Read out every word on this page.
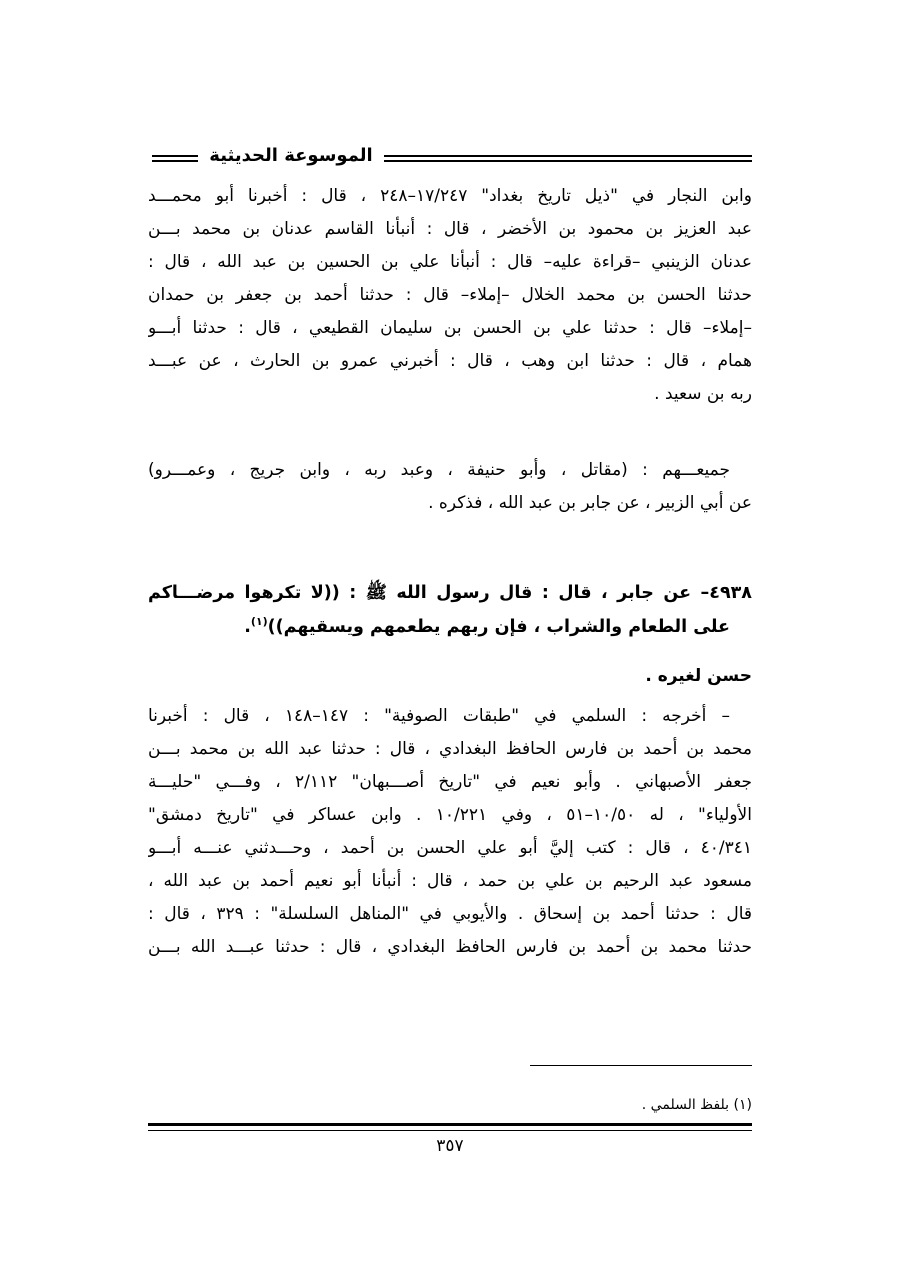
الموسوعة الحديثية
وابن النجار في "ذيل تاريخ بغداد" ١٧/٢٤٧–٢٤٨ ، قال : أخبرنا أبو محمـــد
عبد العزيز بن محمود بن الأخضر ، قال : أنبأنا القاسم عدنان بن محمد بـــن
عدنان الزينبي –قراءة عليه– قال : أنبأنا علي بن الحسين بن عبد الله ، قال :
حدثنا الحسن بن محمد الخلال –إملاء– قال : حدثنا أحمد بن جعفر بن حمدان
–إملاء– قال : حدثنا علي بن الحسن بن سليمان القطيعي ، قال : حدثنا أبـــو
همام ، قال : حدثنا ابن وهب ، قال : أخبرني عمرو بن الحارث ، عن عبـــد
ربه بن سعيد .
جميعـــهم : (مقاتل ، وأبو حنيفة ، وعبد ربه ، وابن جريج ، وعمـــرو)
عن أبي الزبير ، عن جابر بن عبد الله ، فذكره .
٤٩٣٨– عن جابر ، قال : قال رسول الله ﷺ : ((لا تكرهوا مرضـــاكم
على الطعام والشراب ، فإن ربهم يطعمهم ويسقيهم))$^{(١)}$.
حسن لغيره .
– أخرجه : السلمي في "طبقات الصوفية" : ١٤٧–١٤٨ ، قال : أخبرنا
محمد بن أحمد بن فارس الحافظ البغدادي ، قال : حدثنا عبد الله بن محمد بـــن
جعفر الأصبهاني . وأبو نعيم في "تاريخ أصـــبهان" ٢/١١٢ ، وفـــي "حليـــة
الأولياء" ، له ١٠/٥٠–٥١ ، وفي ١٠/٢٢١ . وابن عساكر في "تاريخ دمشق"
٤٠/٣٤١ ، قال : كتب إليَّ أبو علي الحسن بن أحمد ، وحـــدثني عنـــه أبـــو
مسعود عبد الرحيم بن علي بن حمد ، قال : أنبأنا أبو نعيم أحمد بن عبد الله ،
قال : حدثنا أحمد بن إسحاق . والأيوبي في "المناهل السلسلة" : ٣٢٩ ، قال :
حدثنا محمد بن أحمد بن فارس الحافظ البغدادي ، قال : حدثنا عبـــد الله بـــن
(١) بلفظ السلمي .
٣٥٧
